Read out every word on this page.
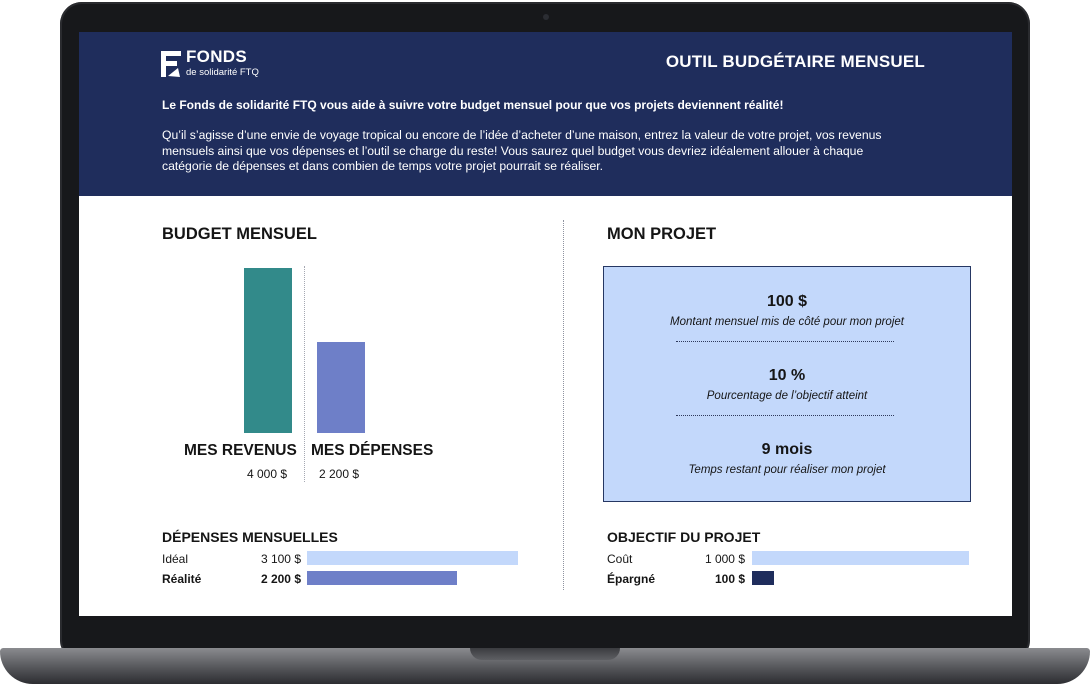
FONDS
de solidarité FTQ
OUTIL BUDGÉTAIRE MENSUEL
Le Fonds de solidarité FTQ vous aide à suivre votre budget mensuel pour que vos projets deviennent réalité!
Qu’il s’agisse d’une envie de voyage tropical ou encore de l’idée d’acheter d’une maison, entrez la valeur de votre projet, vos revenus mensuels ainsi que vos dépenses et l’outil se charge du reste! Vous saurez quel budget vous devriez idéalement allouer à chaque catégorie de dépenses et dans combien de temps votre projet pourrait se réaliser.
BUDGET MENSUEL
MES REVENUS MES DÉPENSES
4 000 $	2 200 $
DÉPENSES MENSUELLES
Idéal	3 100 $
Réalité	2 200 $
MON PROJET
100 $
Montant mensuel mis de côté pour mon projet
10 %
Pourcentage de l’objectif atteint
9 mois
Temps restant pour réaliser mon projet
OBJECTIF DU PROJET
Coût	1 000 $
Épargné	100 $
